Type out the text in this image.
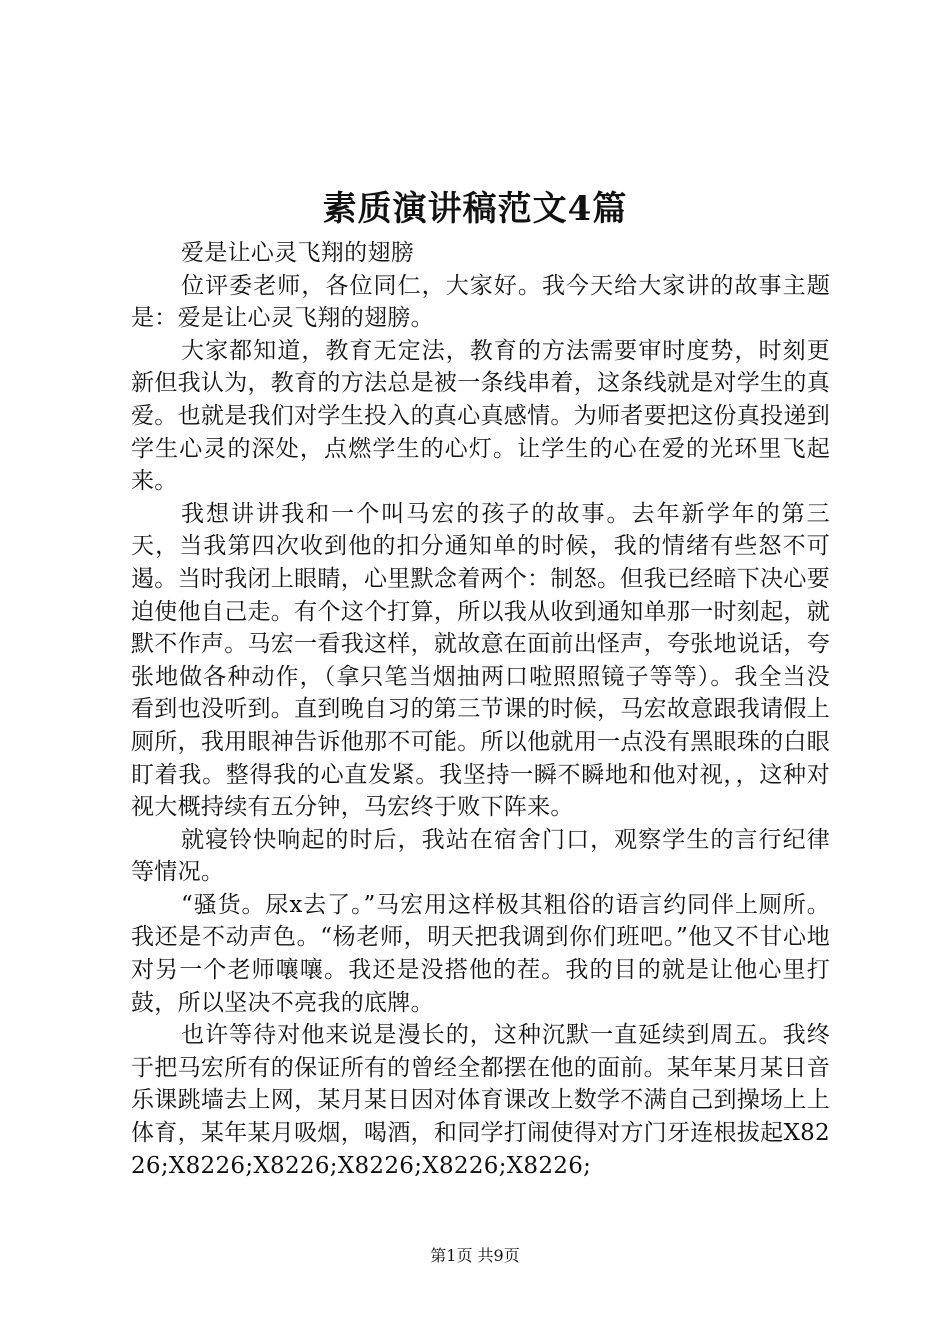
素质演讲稿范文4篇

爱是让心灵飞翔的翅膀

位评委老师，各位同仁，大家好。我今天给大家讲的故事主题是：爱是让心灵飞翔的翅膀。

大家都知道，教育无定法，教育的方法需要审时度势，时刻更新但我认为，教育的方法总是被一条线串着，这条线就是对学生的真爱。也就是我们对学生投入的真心真感情。为师者要把这份真投递到学生心灵的深处，点燃学生的心灯。让学生的心在爱的光环里飞起来。

我想讲讲我和一个叫马宏的孩子的故事。去年新学年的第三天，当我第四次收到他的扣分通知单的时候，我的情绪有些怒不可遏。当时我闭上眼睛，心里默念着两个：制怒。但我已经暗下决心要迫使他自己走。有个这个打算，所以我从收到通知单那一时刻起，就默不作声。马宏一看我这样，就故意在面前出怪声，夸张地说话，夸张地做各种动作，（拿只笔当烟抽两口啦照照镜子等等）。我全当没看到也没听到。直到晚自习的第三节课的时候，马宏故意跟我请假上厕所，我用眼神告诉他那不可能。所以他就用一点没有黑眼珠的白眼盯着我。整得我的心直发紧。我坚持一瞬不瞬地和他对视，，这种对视大概持续有五分钟，马宏终于败下阵来。

就寝铃快响起的时后，我站在宿舍门口，观察学生的言行纪律等情况。

“骚货。尿x去了。”马宏用这样极其粗俗的语言约同伴上厕所。我还是不动声色。“杨老师，明天把我调到你们班吧。”他又不甘心地对另一个老师嚷嚷。我还是没搭他的茬。我的目的就是让他心里打鼓，所以坚决不亮我的底牌。

也许等待对他来说是漫长的，这种沉默一直延续到周五。我终于把马宏所有的保证所有的曾经全都摆在他的面前。某年某月某日音乐课跳墙去上网，某月某日因对体育课改上数学不满自己到操场上上体育，某年某月吸烟，喝酒，和同学打闹使得对方门牙连根拔起X8226;X8226;X8226;X8226;X8226;X8226;

第1页 共9页
